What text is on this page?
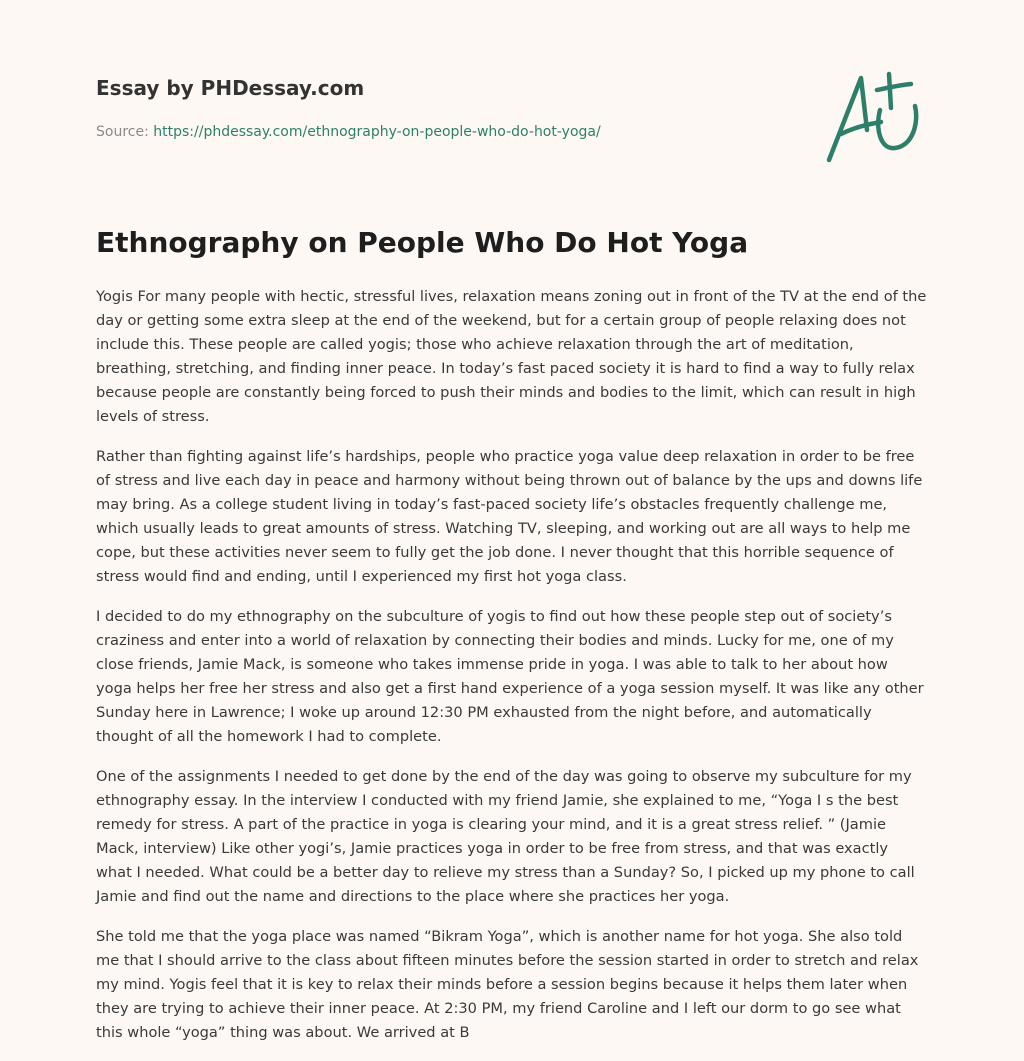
Essay by PHDessay.com
Source: https://phdessay.com/ethnography-on-people-who-do-hot-yoga/
Ethnography on People Who Do Hot Yoga

Yogis For many people with hectic, stressful lives, relaxation means zoning out in front of the TV at the end of the day or getting some extra sleep at the end of the weekend, but for a certain group of people relaxing does not include this. These people are called yogis; those who achieve relaxation through the art of meditation, breathing, stretching, and finding inner peace. In today’s fast paced society it is hard to find a way to fully relax because people are constantly being forced to push their minds and bodies to the limit, which can result in high levels of stress.

Rather than fighting against life’s hardships, people who practice yoga value deep relaxation in order to be free of stress and live each day in peace and harmony without being thrown out of balance by the ups and downs life may bring. As a college student living in today’s fast-paced society life’s obstacles frequently challenge me, which usually leads to great amounts of stress. Watching TV, sleeping, and working out are all ways to help me cope, but these activities never seem to fully get the job done. I never thought that this horrible sequence of stress would find and ending, until I experienced my first hot yoga class.

I decided to do my ethnography on the subculture of yogis to find out how these people step out of society’s craziness and enter into a world of relaxation by connecting their bodies and minds. Lucky for me, one of my close friends, Jamie Mack, is someone who takes immense pride in yoga. I was able to talk to her about how yoga helps her free her stress and also get a first hand experience of a yoga session myself. It was like any other Sunday here in Lawrence; I woke up around 12:30 PM exhausted from the night before, and automatically thought of all the homework I had to complete.

One of the assignments I needed to get done by the end of the day was going to observe my subculture for my ethnography essay. In the interview I conducted with my friend Jamie, she explained to me, “Yoga I s the best remedy for stress. A part of the practice in yoga is clearing your mind, and it is a great stress relief. ” (Jamie Mack, interview) Like other yogi’s, Jamie practices yoga in order to be free from stress, and that was exactly what I needed. What could be a better day to relieve my stress than a Sunday? So, I picked up my phone to call Jamie and find out the name and directions to the place where she practices her yoga.

She told me that the yoga place was named “Bikram Yoga”, which is another name for hot yoga. She also told me that I should arrive to the class about fifteen minutes before the session started in order to stretch and relax my mind. Yogis feel that it is key to relax their minds before a session begins because it helps them later when they are trying to achieve their inner peace. At 2:30 PM, my friend Caroline and I left our dorm to go see what this whole “yoga” thing was about. We arrived at B
